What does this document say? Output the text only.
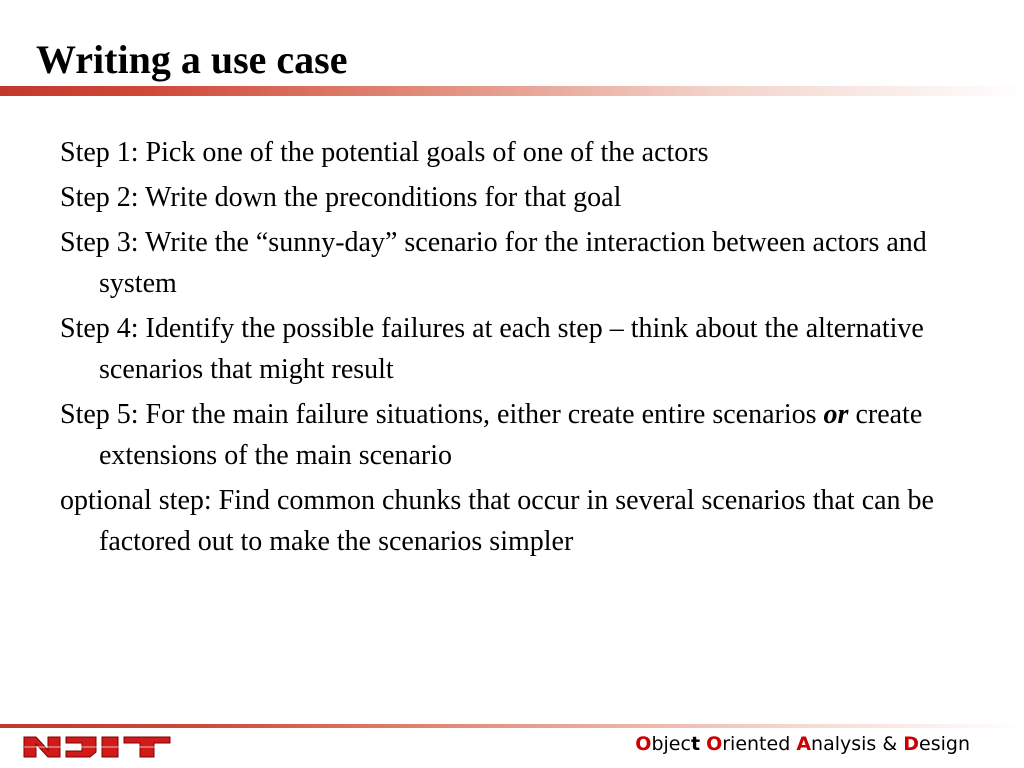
Writing a use case
Step 1: Pick one of the potential goals of one of the actors
Step 2: Write down the preconditions for that goal
Step 3: Write the “sunny-day” scenario for the interaction between actors and system
Step 4: Identify the possible failures at each step – think about the alternative scenarios that might result
Step 5: For the main failure situations, either create entire scenarios or create extensions of the main scenario
optional step: Find common chunks that occur in several scenarios that can be factored out to make the scenarios simpler
Object Oriented Analysis & Design
